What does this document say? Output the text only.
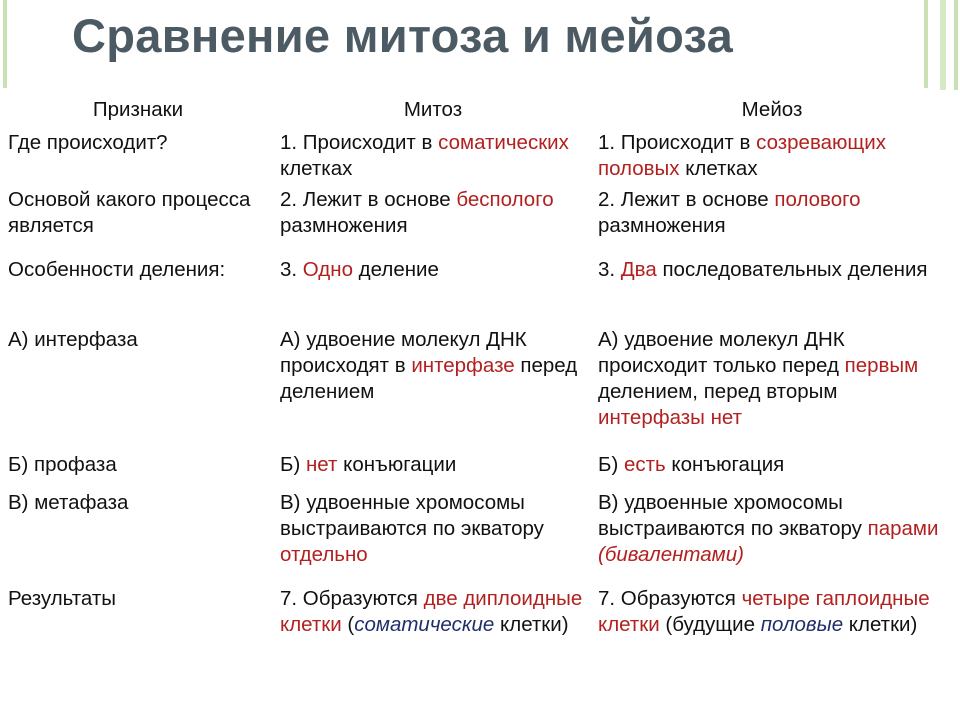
Сравнение митоза и мейоза
Признаки	Митоз	Мейоз
Где происходит?	1. Происходит в соматических клетках	1. Происходит в созревающих половых клетках
Основой какого процесса является	2. Лежит в основе бесполого размножения	2. Лежит в основе полового размножения
Особенности деления:	3. Одно деление	3. Два последовательных деления
А) интерфаза	А) удвоение молекул ДНК происходят в интерфазе перед делением	А) удвоение молекул ДНК происходит только перед первым делением, перед вторым интерфазы нет
Б) профаза	Б) нет конъюгации	Б) есть конъюгация
В) метафаза	В) удвоенные хромосомы выстраиваются по экватору отдельно	В) удвоенные хромосомы выстраиваются по экватору парами (бивалентами)
Результаты	7. Образуются две диплоидные клетки (соматические клетки)	7. Образуются четыре гаплоидные клетки (будущие половые клетки)
